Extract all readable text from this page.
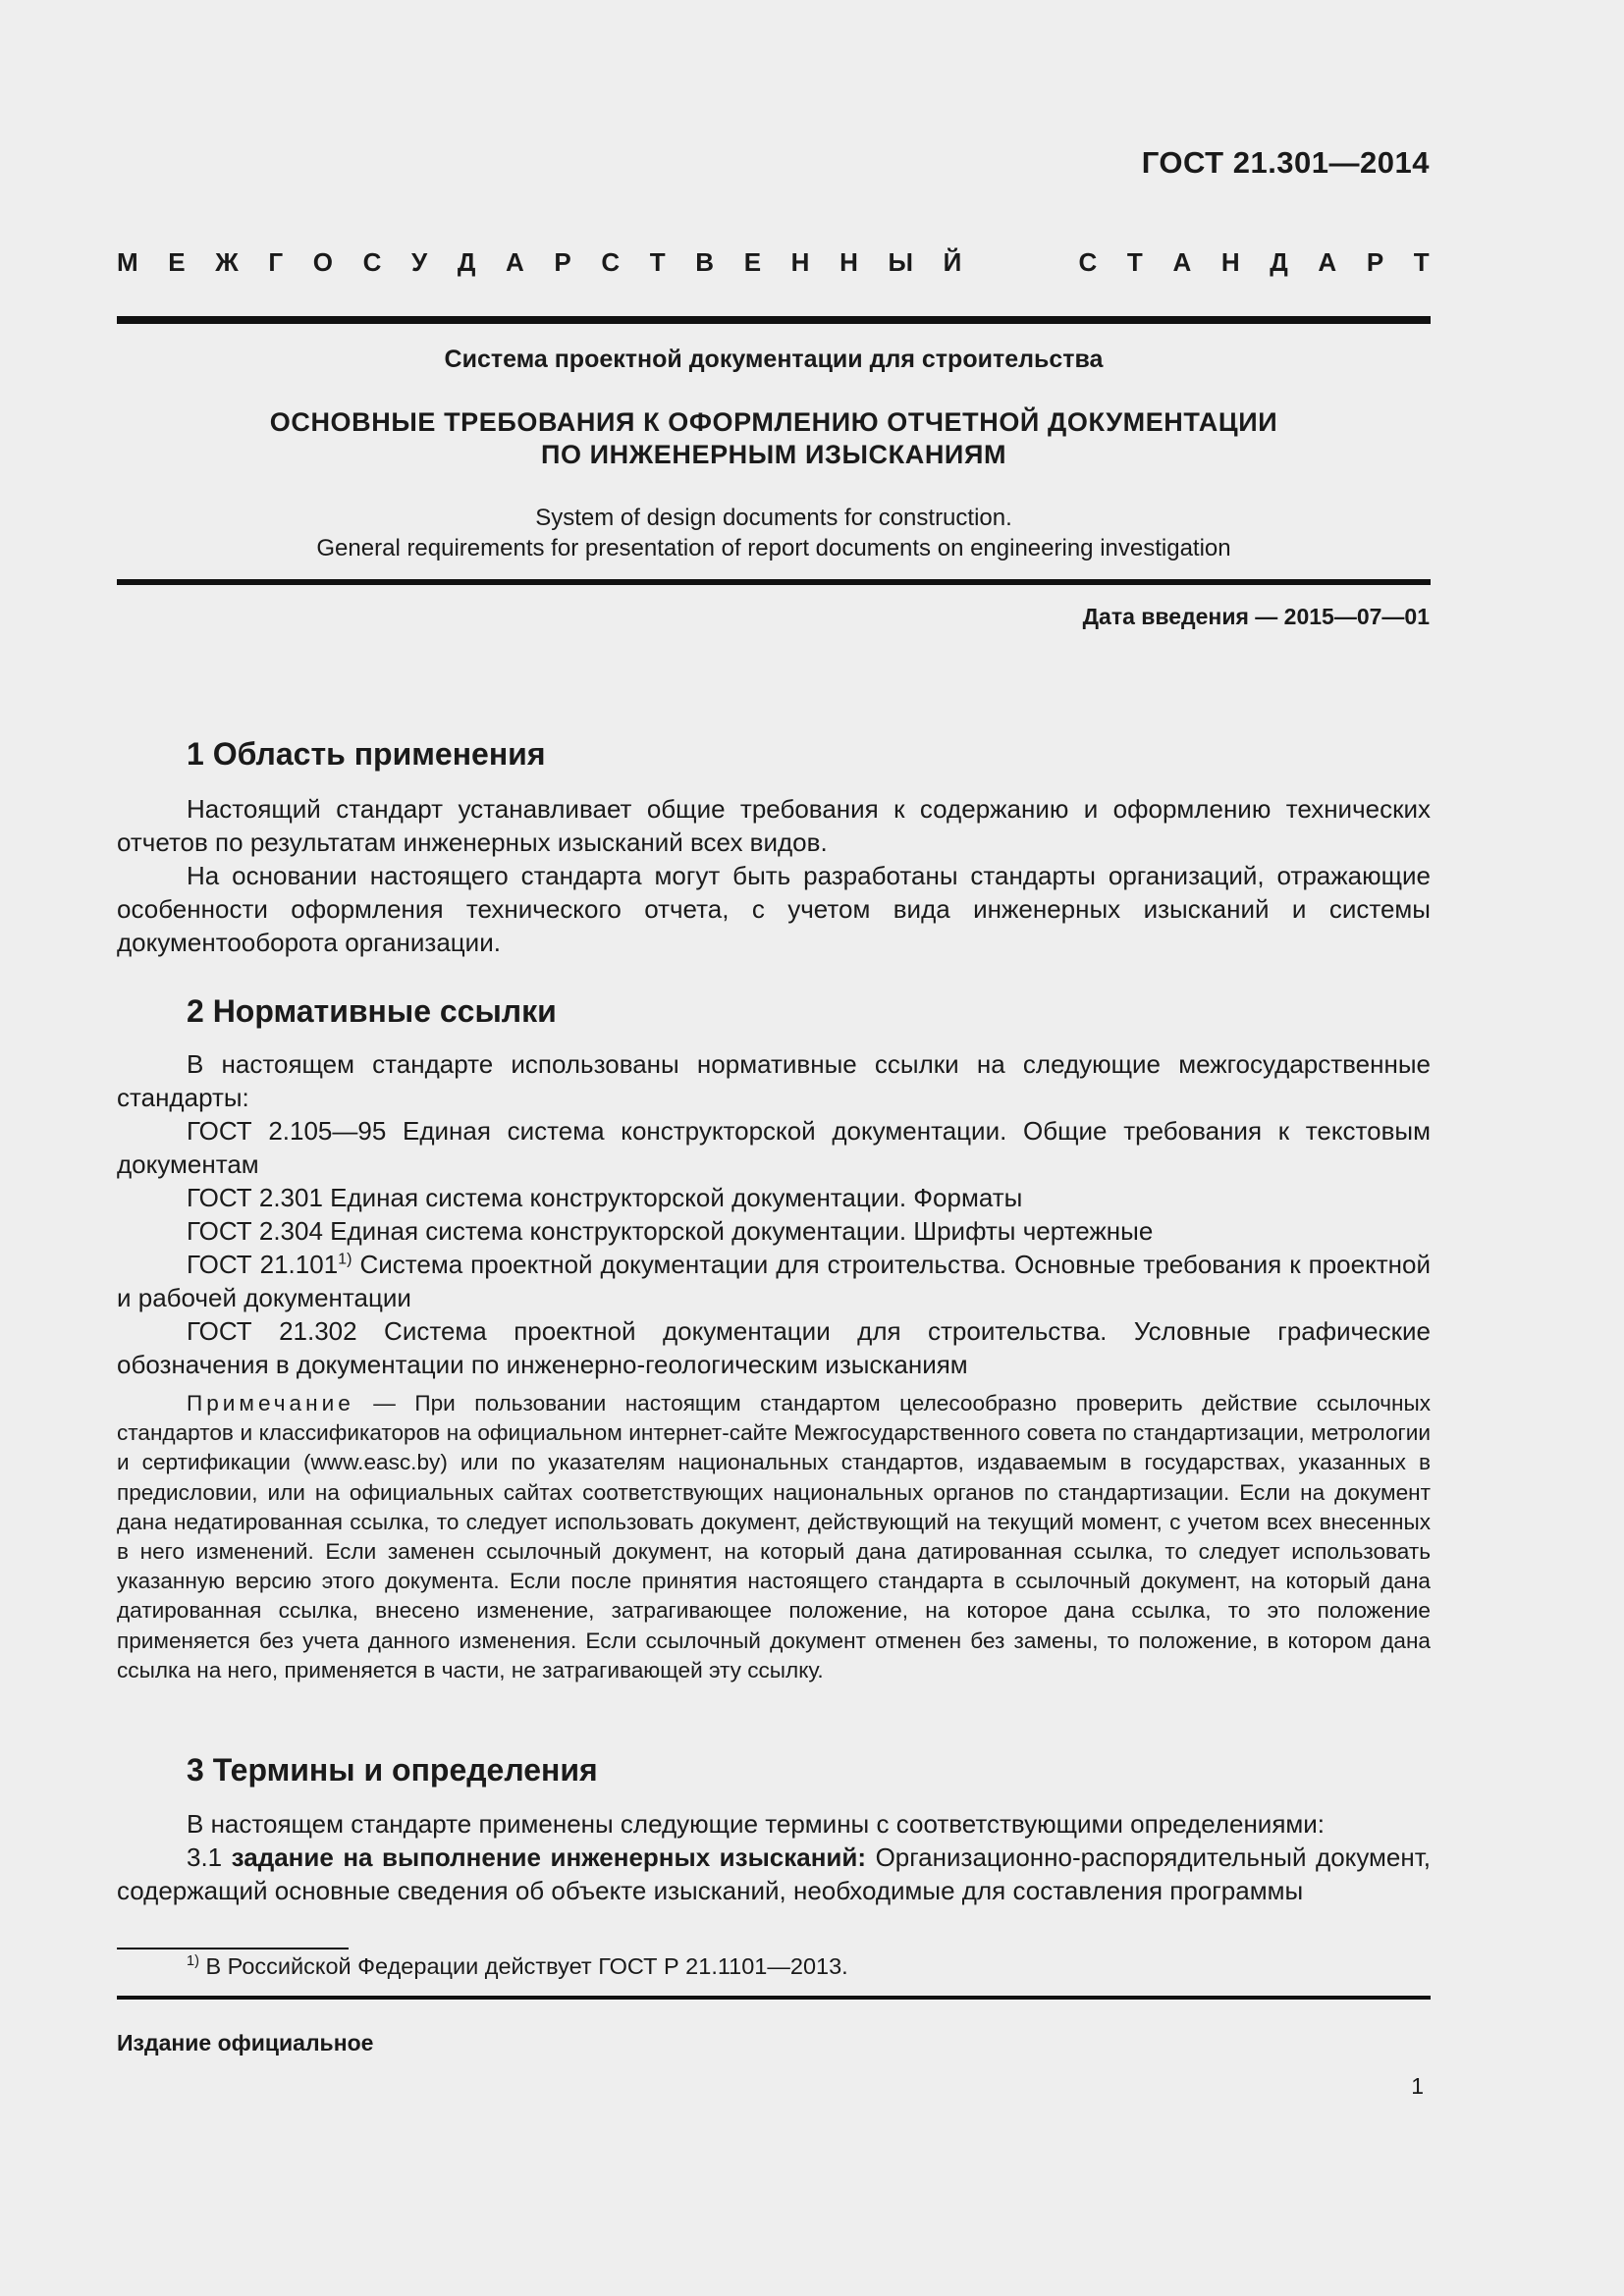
ГОСТ 21.301—2014
М Е Ж Г О С У Д А Р С Т В Е Н Н Ы Й	С Т А Н Д А Р Т
Система проектной документации для строительства
ОСНОВНЫЕ ТРЕБОВАНИЯ К ОФОРМЛЕНИЮ ОТЧЕТНОЙ ДОКУМЕНТАЦИИ
ПО ИНЖЕНЕРНЫМ ИЗЫСКАНИЯМ
System of design documents for construction.
General requirements for presentation of report documents on engineering investigation
Дата введения — 2015—07—01
1 Область применения

Настоящий стандарт устанавливает общие требования к содержанию и оформлению технических отчетов по результатам инженерных изысканий всех видов.

На основании настоящего стандарта могут быть разработаны стандарты организаций, отражающие особенности оформления технического отчета, с учетом вида инженерных изысканий и системы документооборота организации.

2 Нормативные ссылки

В настоящем стандарте использованы нормативные ссылки на следующие межгосударственные стандарты:

ГОСТ 2.105—95 Единая система конструкторской документации. Общие требования к текстовым документам

ГОСТ 2.301 Единая система конструкторской документации. Форматы

ГОСТ 2.304 Единая система конструкторской документации. Шрифты чертежные

ГОСТ 21.101$^{1)}$ Система проектной документации для строительства. Основные требования к проектной и рабочей документации

ГОСТ 21.302 Система проектной документации для строительства. Условные графические обозначения в документации по инженерно-геологическим изысканиям

Примечание — При пользовании настоящим стандартом целесообразно проверить действие ссылочных стандартов и классификаторов на официальном интернет-сайте Межгосударственного совета по стандартизации, метрологии и сертификации (www.easc.by) или по указателям национальных стандартов, издаваемым в государствах, указанных в предисловии, или на официальных сайтах соответствующих национальных органов по стандартизации. Если на документ дана недатированная ссылка, то следует использовать документ, действующий на текущий момент, с учетом всех внесенных в него изменений. Если заменен ссылочный документ, на который дана датированная ссылка, то следует использовать указанную версию этого документа. Если после принятия настоящего стандарта в ссылочный документ, на который дана датированная ссылка, внесено изменение, затрагивающее положение, на которое дана ссылка, то это положение применяется без учета данного изменения. Если ссылочный документ отменен без замены, то положение, в котором дана ссылка на него, применяется в части, не затрагивающей эту ссылку.

3 Термины и определения

В настоящем стандарте применены следующие термины с соответствующими определениями:

3.1 задание на выполнение инженерных изысканий: Организационно-распорядительный документ, содержащий основные сведения об объекте изысканий, необходимые для составления программы

$^{1)}$ В Российской Федерации действует ГОСТ Р 21.1101—2013.
Издание официальное
1
